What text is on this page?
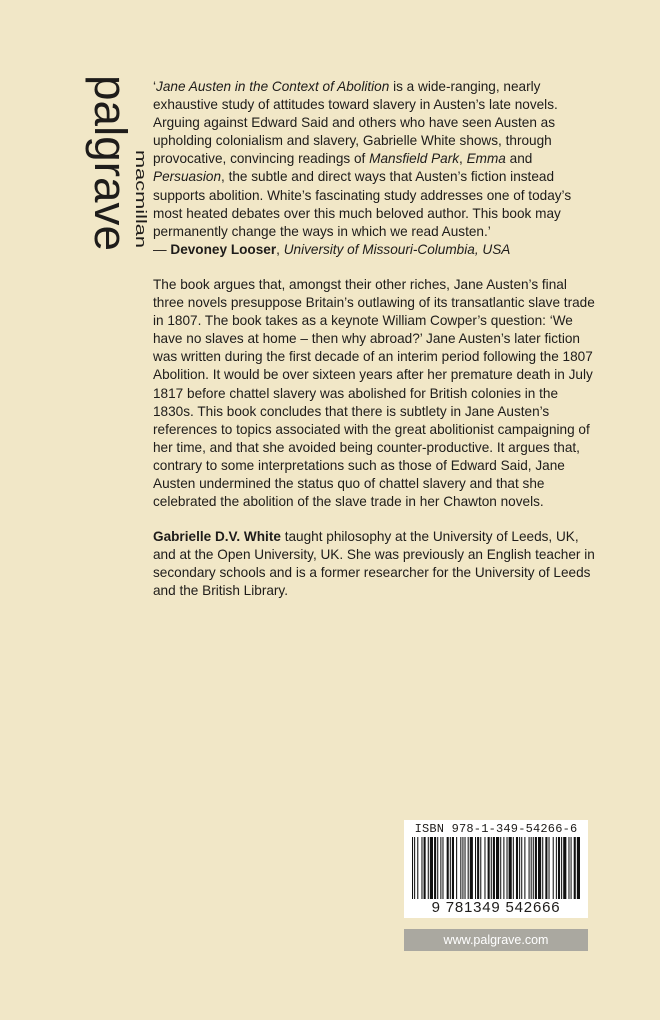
palgrave
macmillan

‘Jane Austen in the Context of Abolition is a wide-ranging, nearly exhaustive study of attitudes toward slavery in Austen’s late novels. Arguing against Edward Said and others who have seen Austen as upholding colonialism and slavery, Gabrielle White shows, through provocative, convincing readings of Mansfield Park, Emma and Persuasion, the subtle and direct ways that Austen’s fiction instead supports abolition. White’s fascinating study addresses one of today’s most heated debates over this much beloved author. This book may permanently change the ways in which we read Austen.’
— Devoney Looser, University of Missouri-Columbia, USA

The book argues that, amongst their other riches, Jane Austen’s final three novels presuppose Britain’s outlawing of its transatlantic slave trade in 1807. The book takes as a keynote William Cowper’s question: ‘We have no slaves at home – then why abroad?’ Jane Austen’s later fiction was written during the first decade of an interim period following the 1807 Abolition. It would be over sixteen years after her premature death in July 1817 before chattel slavery was abolished for British colonies in the 1830s. This book concludes that there is subtlety in Jane Austen’s references to topics associated with the great abolitionist campaigning of her time, and that she avoided being counter-productive. It argues that, contrary to some interpretations such as those of Edward Said, Jane Austen undermined the status quo of chattel slavery and that she celebrated the abolition of the slave trade in her Chawton novels.

Gabrielle D.V. White taught philosophy at the University of Leeds, UK, and at the Open University, UK. She was previously an English teacher in secondary schools and is a former researcher for the University of Leeds and the British Library.

ISBN 978-1-349-54266-6
9 781349 542666
www.palgrave.com
